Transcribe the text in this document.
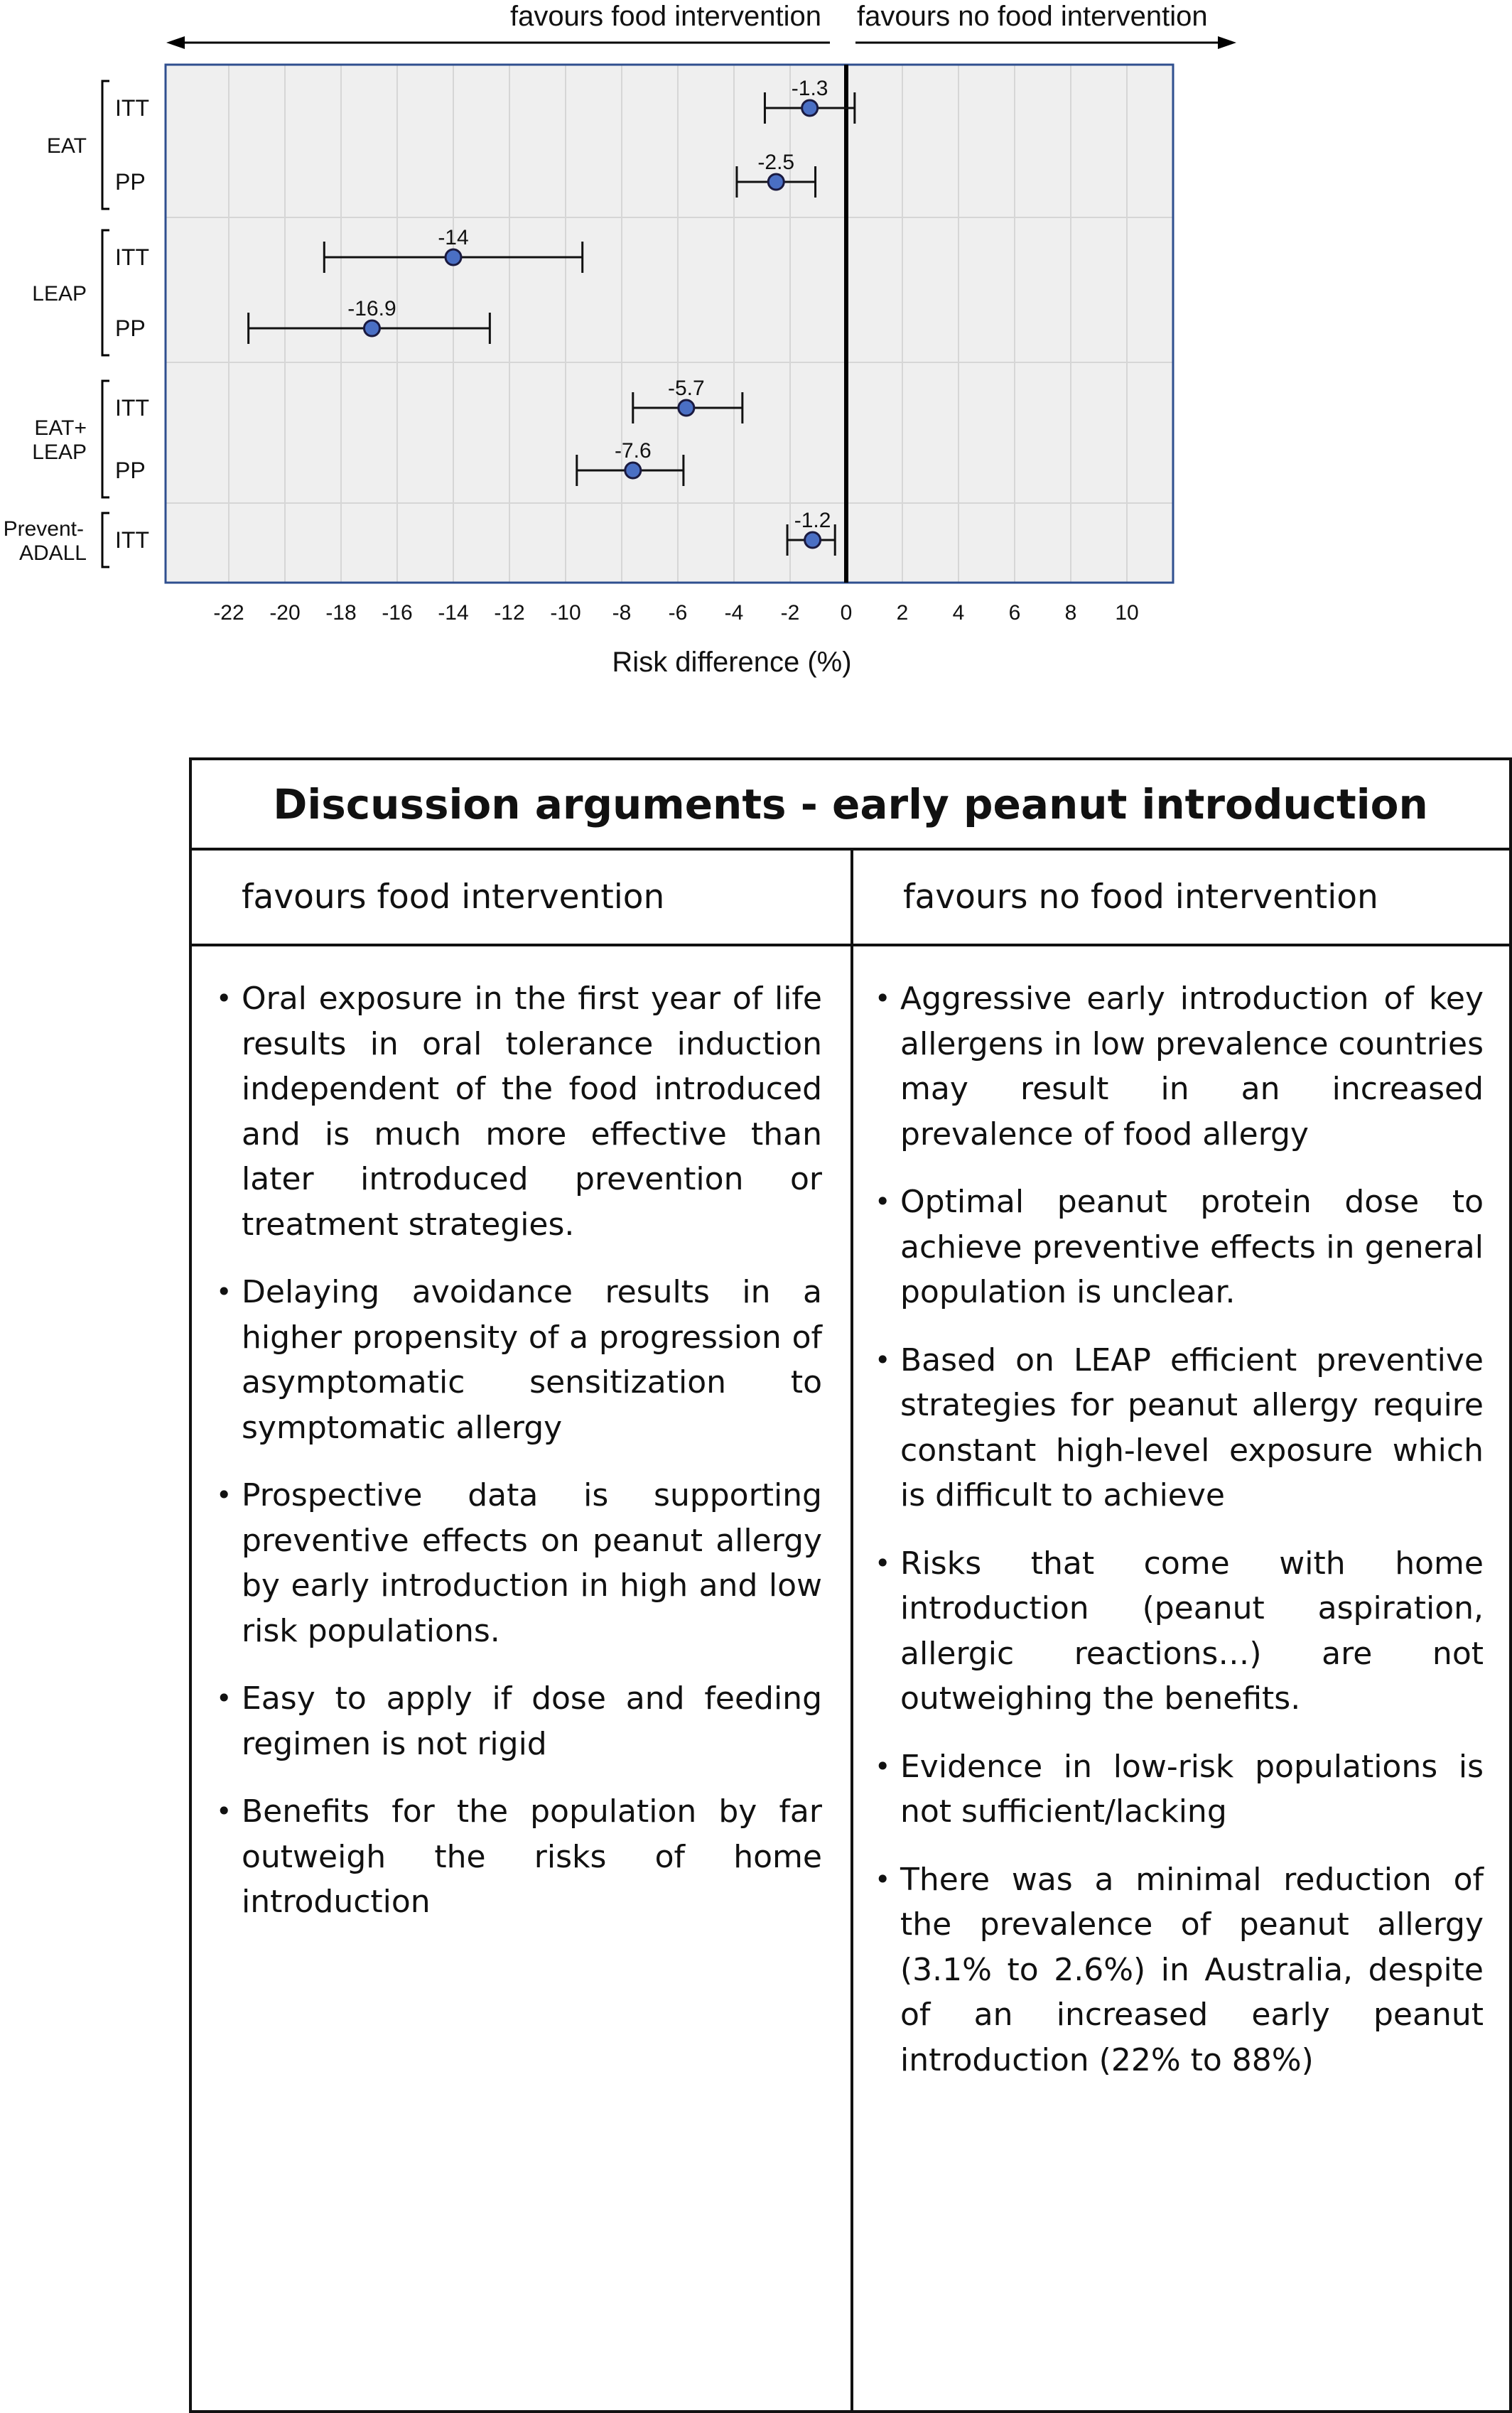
favours food intervention favours no food intervention
-22 -20 -18 -16 -14 -12 -10 -8 -6 -4 -2 0 2 4 6 8 10
Risk difference (%)
EAT
ITT
-1.3
PP
-2.5
LEAP
ITT
-14
PP
-16.9
EAT+
LEAP
ITT
-5.7
PP
-7.6
Prevent-
ADALL
ITT
-1.2
Discussion arguments - early peanut introduction
favours food intervention	favours no food intervention
• Oral exposure in the first year of life results in oral tolerance induction independent of the food introduced and is much more effective than later introduced prevention or treatment strategies.
• Delaying avoidance results in a higher propensity of a progression of asymptomatic sensitization to symptomatic allergy
• Prospective data is supporting preventive effects on peanut allergy by early introduction in high and low risk populations.
• Easy to apply if dose and feeding regimen is not rigid
• Benefits for the population by far outweigh the risks of home introduction
• Aggressive early introduction of key allergens in low prevalence countries may result in an increased prevalence of food allergy
• Optimal peanut protein dose to achieve preventive effects in general population is unclear.
• Based on LEAP efficient preventive strategies for peanut allergy require constant high-level exposure which is difficult to achieve
• Risks that come with home introduction (peanut aspiration, allergic reactions…) are not outweighing the benefits.
• Evidence in low-risk populations is not sufficient/lacking
• There was a minimal reduction of the prevalence of peanut allergy (3.1% to 2.6%) in Australia, despite of an increased early peanut introduction (22% to 88%)
